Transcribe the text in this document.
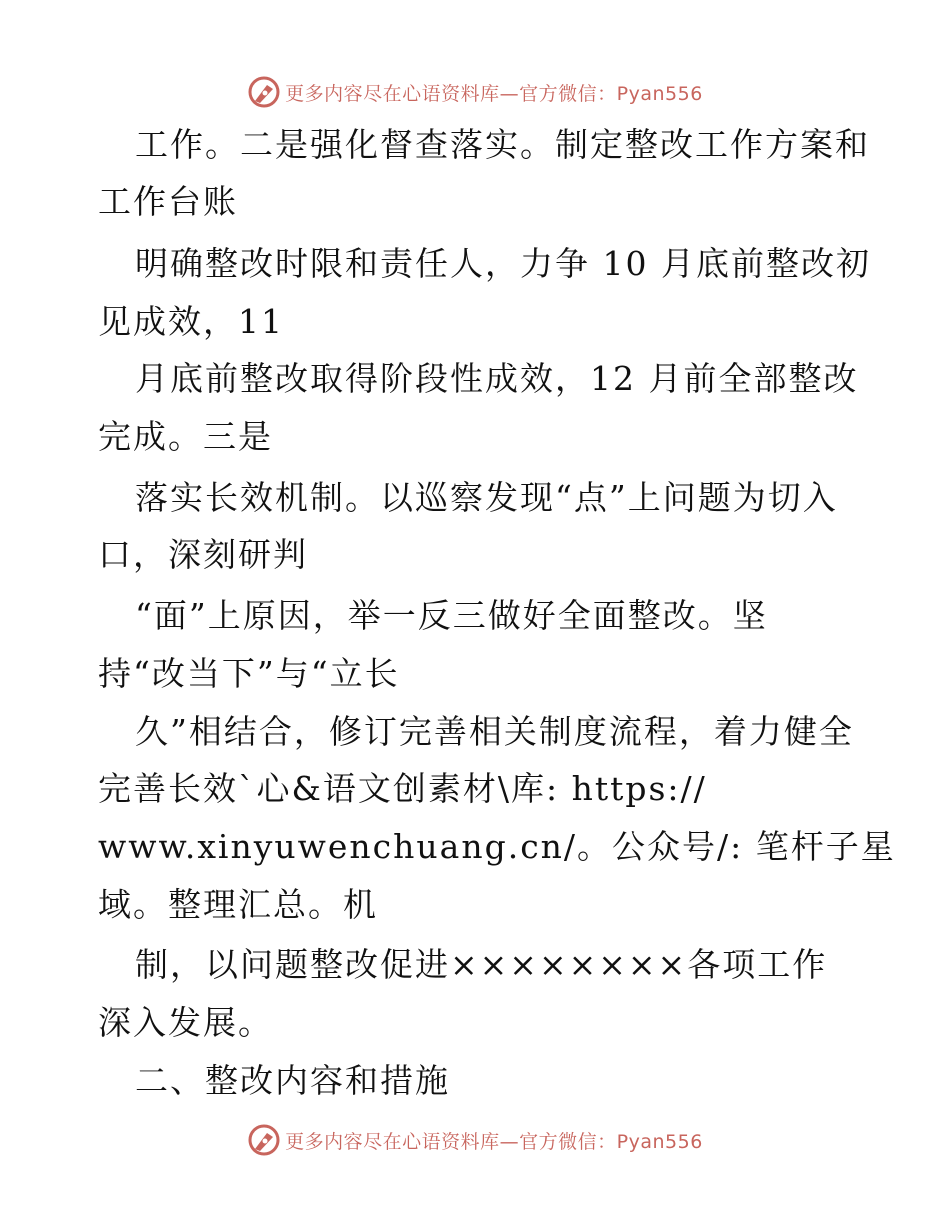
更多内容尽在心语资料库—官方微信：Pyan556
工作。二是强化督查落实。制定整改工作方案和
工作台账
明确整改时限和责任人，力争 10 月底前整改初
见成效，11
月底前整改取得阶段性成效，12 月前全部整改
完成。三是
落实长效机制。以巡察发现“点”上问题为切入
口，深刻研判
“面”上原因，举一反三做好全面整改。坚
持“改当下”与“立长
久”相结合，修订完善相关制度流程，着力健全
完善长效`心&语文创素材\库: https://
www.xinyuwenchuang.cn/。公众号/: 笔杆子星
域。整理汇总。机
制，以问题整改促进××××××××各项工作
深入发展。
二、整改内容和措施
更多内容尽在心语资料库—官方微信：Pyan556
